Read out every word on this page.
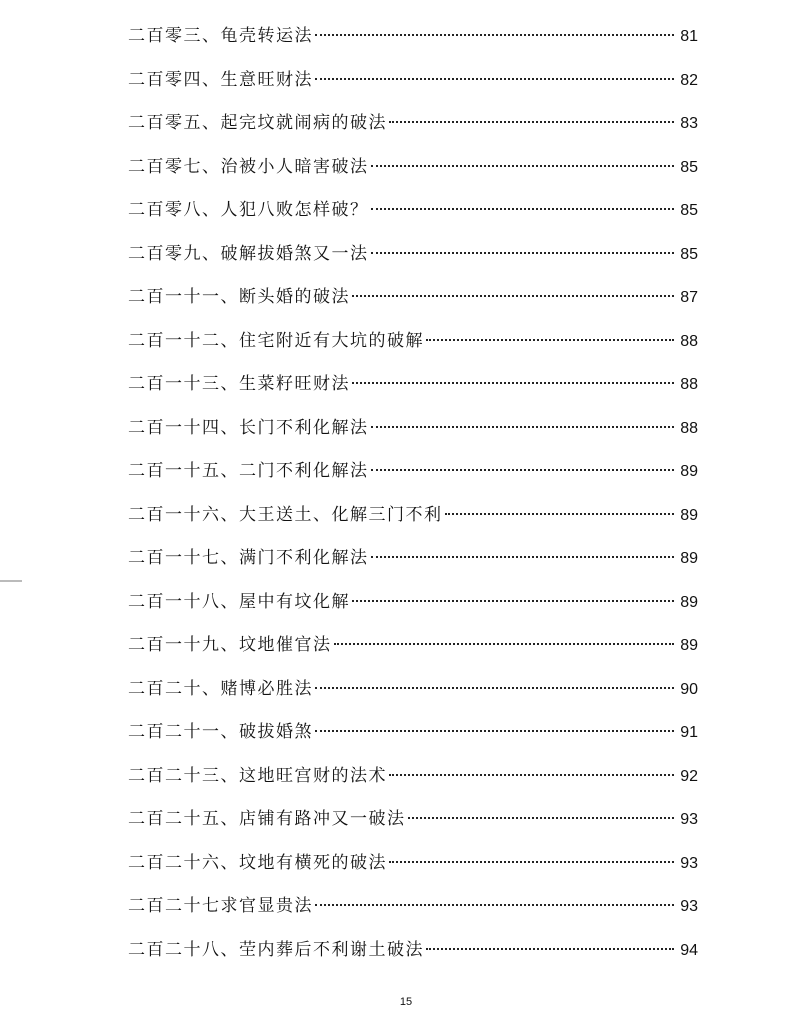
二百零三、龟壳转运法	81
二百零四、生意旺财法	82
二百零五、起完坟就闹病的破法	83
二百零七、治被小人暗害破法	85
二百零八、人犯八败怎样破？	85
二百零九、破解拔婚煞又一法	85
二百一十一、断头婚的破法	87
二百一十二、住宅附近有大坑的破解	88
二百一十三、生菜籽旺财法	88
二百一十四、长门不利化解法	88
二百一十五、二门不利化解法	89
二百一十六、大王送土、化解三门不利	89
二百一十七、满门不利化解法	89
二百一十八、屋中有坟化解	89
二百一十九、坟地催官法	89
二百二十、赌博必胜法	90
二百二十一、破拔婚煞	91
二百二十三、这地旺宫财的法术	92
二百二十五、店铺有路冲又一破法	93
二百二十六、坟地有横死的破法	93
二百二十七求官显贵法	93
二百二十八、茔内葬后不利谢土破法	94
15
